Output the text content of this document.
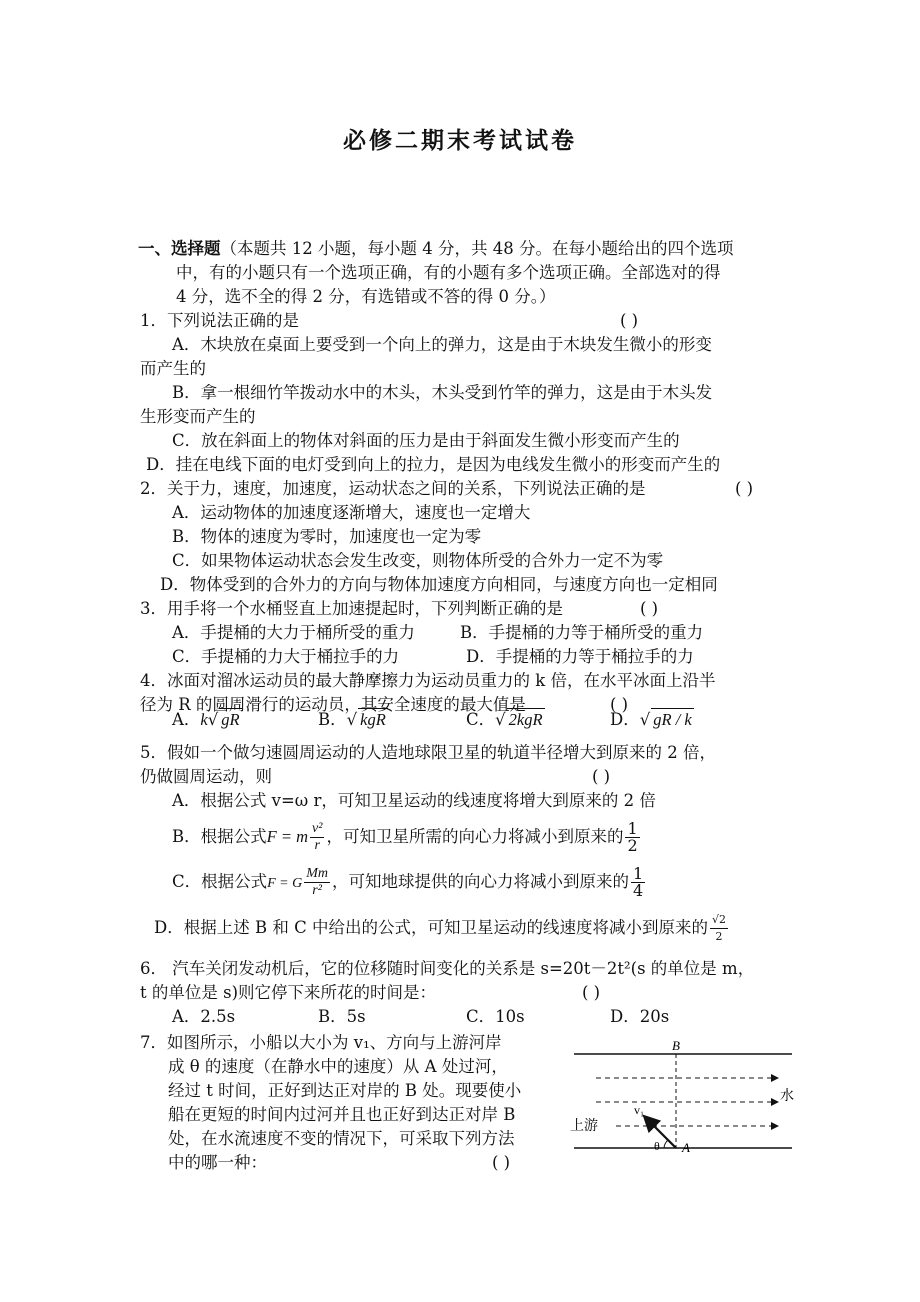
必修二期末考试试卷
一、选择题（本题共 12 小题，每小题 4 分，共 48 分。在每小题给出的四个选项
中，有的小题只有一个选项正确，有的小题有多个选项正确。全部选对的得
4 分，选不全的得 2 分，有选错或不答的得 0 分。）
1．下列说法正确的是	( )
A．木块放在桌面上要受到一个向上的弹力，这是由于木块发生微小的形变
而产生的
B．拿一根细竹竿拨动水中的木头，木头受到竹竿的弹力，这是由于木头发
生形变而产生的
C．放在斜面上的物体对斜面的压力是由于斜面发生微小形变而产生的
D．挂在电线下面的电灯受到向上的拉力，是因为电线发生微小的形变而产生的
2．关于力，速度，加速度，运动状态之间的关系，下列说法正确的是	( )
A．运动物体的加速度逐渐增大，速度也一定增大
B．物体的速度为零时，加速度也一定为零
C．如果物体运动状态会发生改变，则物体所受的合外力一定不为零
D．物体受到的合外力的方向与物体加速度方向相同，与速度方向也一定相同
3．用手将一个水桶竖直上加速提起时，下列判断正确的是	( )
A．手提桶的大力于桶所受的重力	B．手提桶的力等于桶所受的重力
C．手提桶的力大于桶拉手的力	D．手提桶的力等于桶拉手的力
4．冰面对溜冰运动员的最大静摩擦力为运动员重力的 k 倍，在水平冰面上沿半
径为 R 的圆周滑行的运动员，其安全速度的最大值是	( )
A．k√ gR	B．√ kgR	C．√ 2kgR	D．√ gR / k
5．假如一个做匀速圆周运动的人造地球限卫星的轨道半径增大到原来的 2 倍，
仍做圆周运动，则	( )
A．根据公式 v=ω r，可知卫星运动的线速度将增大到原来的 2 倍
B．根据公式F = m $\frac{\text{v²}}{r}$ ，可知卫星所需的向心力将减小到原来的 $\frac{1}{2}$
C．根据公式F = G $\frac{Mm}{\text{r²}}$ ，可知地球提供的向心力将减小到原来的 $\frac{1}{4}$
D．根据上述 B 和 C 中给出的公式，可知卫星运动的线速度将减小到原来的 $\frac{√2}{2}$
6． 汽车关闭发动机后，它的位移随时间变化的关系是 s=20t－2t²(s 的单位是 m，
t 的单位是 s)则它停下来所花的时间是：	( )
A．2.5s	B．5s	C．10s	D．20s
7．如图所示，小船以大小为 v₁、方向与上游河岸
成 θ 的速度（在静水中的速度）从 A 处过河，
经过 t 时间，正好到达正对岸的 B 处。现要使小
船在更短的时间内过河并且也正好到达正对岸 B
处，在水流速度不变的情况下，可采取下列方法
中的哪一种：	( )
B
A
水
上游
v₁
θ
